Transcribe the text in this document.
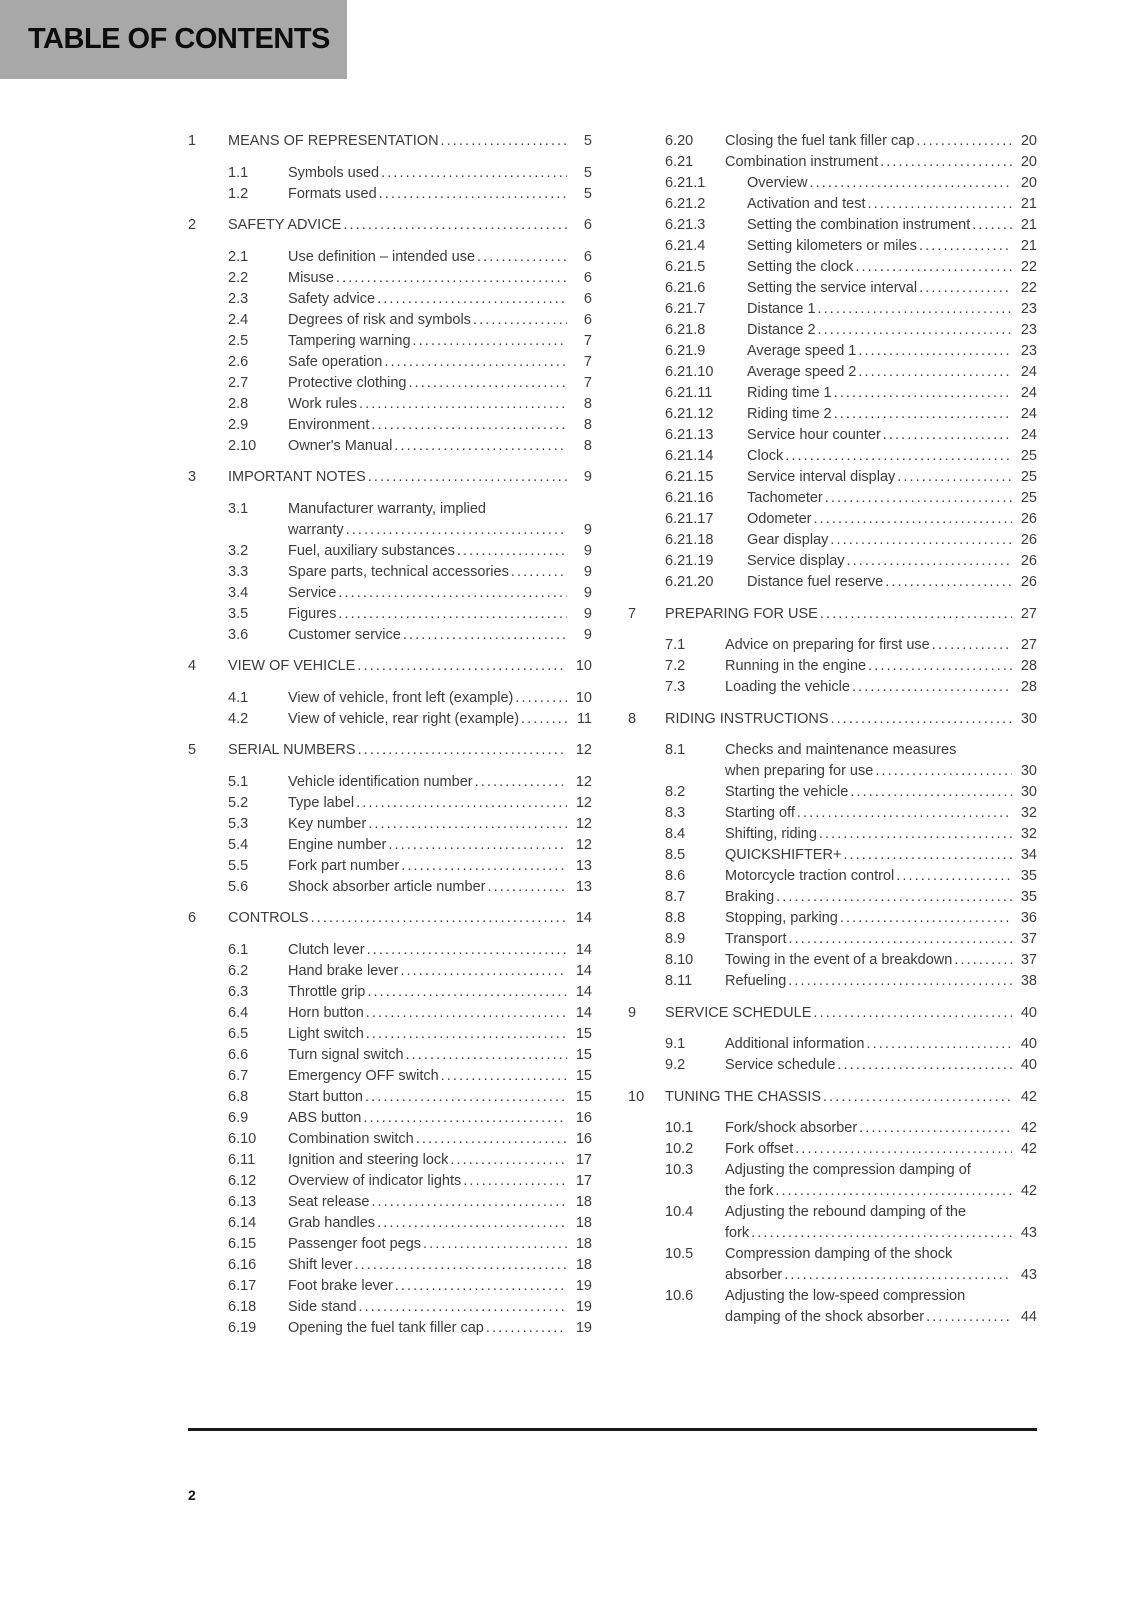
TABLE OF CONTENTS
1	MEANS OF REPRESENTATION .....	5
1.1	Symbols used .....	5
1.2	Formats used .....	5
2	SAFETY ADVICE .....	6
2.1	Use definition – intended use .....	6
2.2	Misuse .....	6
2.3	Safety advice .....	6
2.4	Degrees of risk and symbols .....	6
2.5	Tampering warning .....	7
2.6	Safe operation .....	7
2.7	Protective clothing .....	7
2.8	Work rules .....	8
2.9	Environment .....	8
2.10	Owner's Manual .....	8
3	IMPORTANT NOTES .....	9
3.1	Manufacturer warranty, implied
warranty .....	9
3.2	Fuel, auxiliary substances .....	9
3.3	Spare parts, technical accessories .....	9
3.4	Service .....	9
3.5	Figures .....	9
3.6	Customer service .....	9
4	VIEW OF VEHICLE .....	10
4.1	View of vehicle, front left (example) .....	10
4.2	View of vehicle, rear right (example) .....	11
5	SERIAL NUMBERS .....	12
5.1	Vehicle identification number .....	12
5.2	Type label .....	12
5.3	Key number .....	12
5.4	Engine number .....	12
5.5	Fork part number .....	13
5.6	Shock absorber article number .....	13
6	CONTROLS .....	14
6.1	Clutch lever .....	14
6.2	Hand brake lever .....	14
6.3	Throttle grip .....	14
6.4	Horn button .....	14
6.5	Light switch .....	15
6.6	Turn signal switch .....	15
6.7	Emergency OFF switch .....	15
6.8	Start button .....	15
6.9	ABS button .....	16
6.10	Combination switch .....	16
6.11	Ignition and steering lock .....	17
6.12	Overview of indicator lights .....	17
6.13	Seat release .....	18
6.14	Grab handles .....	18
6.15	Passenger foot pegs .....	18
6.16	Shift lever .....	18
6.17	Foot brake lever .....	19
6.18	Side stand .....	19
6.19	Opening the fuel tank filler cap .....	19
6.20	Closing the fuel tank filler cap .....	20
6.21	Combination instrument .....	20
6.21.1	Overview .....	20
6.21.2	Activation and test .....	21
6.21.3	Setting the combination instrument .....	21
6.21.4	Setting kilometers or miles .....	21
6.21.5	Setting the clock .....	22
6.21.6	Setting the service interval .....	22
6.21.7	Distance 1 .....	23
6.21.8	Distance 2 .....	23
6.21.9	Average speed 1 .....	23
6.21.10	Average speed 2 .....	24
6.21.11	Riding time 1 .....	24
6.21.12	Riding time 2 .....	24
6.21.13	Service hour counter .....	24
6.21.14	Clock .....	25
6.21.15	Service interval display .....	25
6.21.16	Tachometer .....	25
6.21.17	Odometer .....	26
6.21.18	Gear display .....	26
6.21.19	Service display .....	26
6.21.20	Distance fuel reserve .....	26
7	PREPARING FOR USE .....	27
7.1	Advice on preparing for first use .....	27
7.2	Running in the engine .....	28
7.3	Loading the vehicle .....	28
8	RIDING INSTRUCTIONS .....	30
8.1	Checks and maintenance measures
when preparing for use .....	30
8.2	Starting the vehicle .....	30
8.3	Starting off .....	32
8.4	Shifting, riding .....	32
8.5	QUICKSHIFTER+ .....	34
8.6	Motorcycle traction control .....	35
8.7	Braking .....	35
8.8	Stopping, parking .....	36
8.9	Transport .....	37
8.10	Towing in the event of a breakdown .....	37
8.11	Refueling .....	38
9	SERVICE SCHEDULE .....	40
9.1	Additional information .....	40
9.2	Service schedule .....	40
10	TUNING THE CHASSIS .....	42
10.1	Fork/shock absorber .....	42
10.2	Fork offset .....	42
10.3	Adjusting the compression damping of
the fork .....	42
10.4	Adjusting the rebound damping of the
fork .....	43
10.5	Compression damping of the shock
absorber .....	43
10.6	Adjusting the low-speed compression
damping of the shock absorber .....	44
2
